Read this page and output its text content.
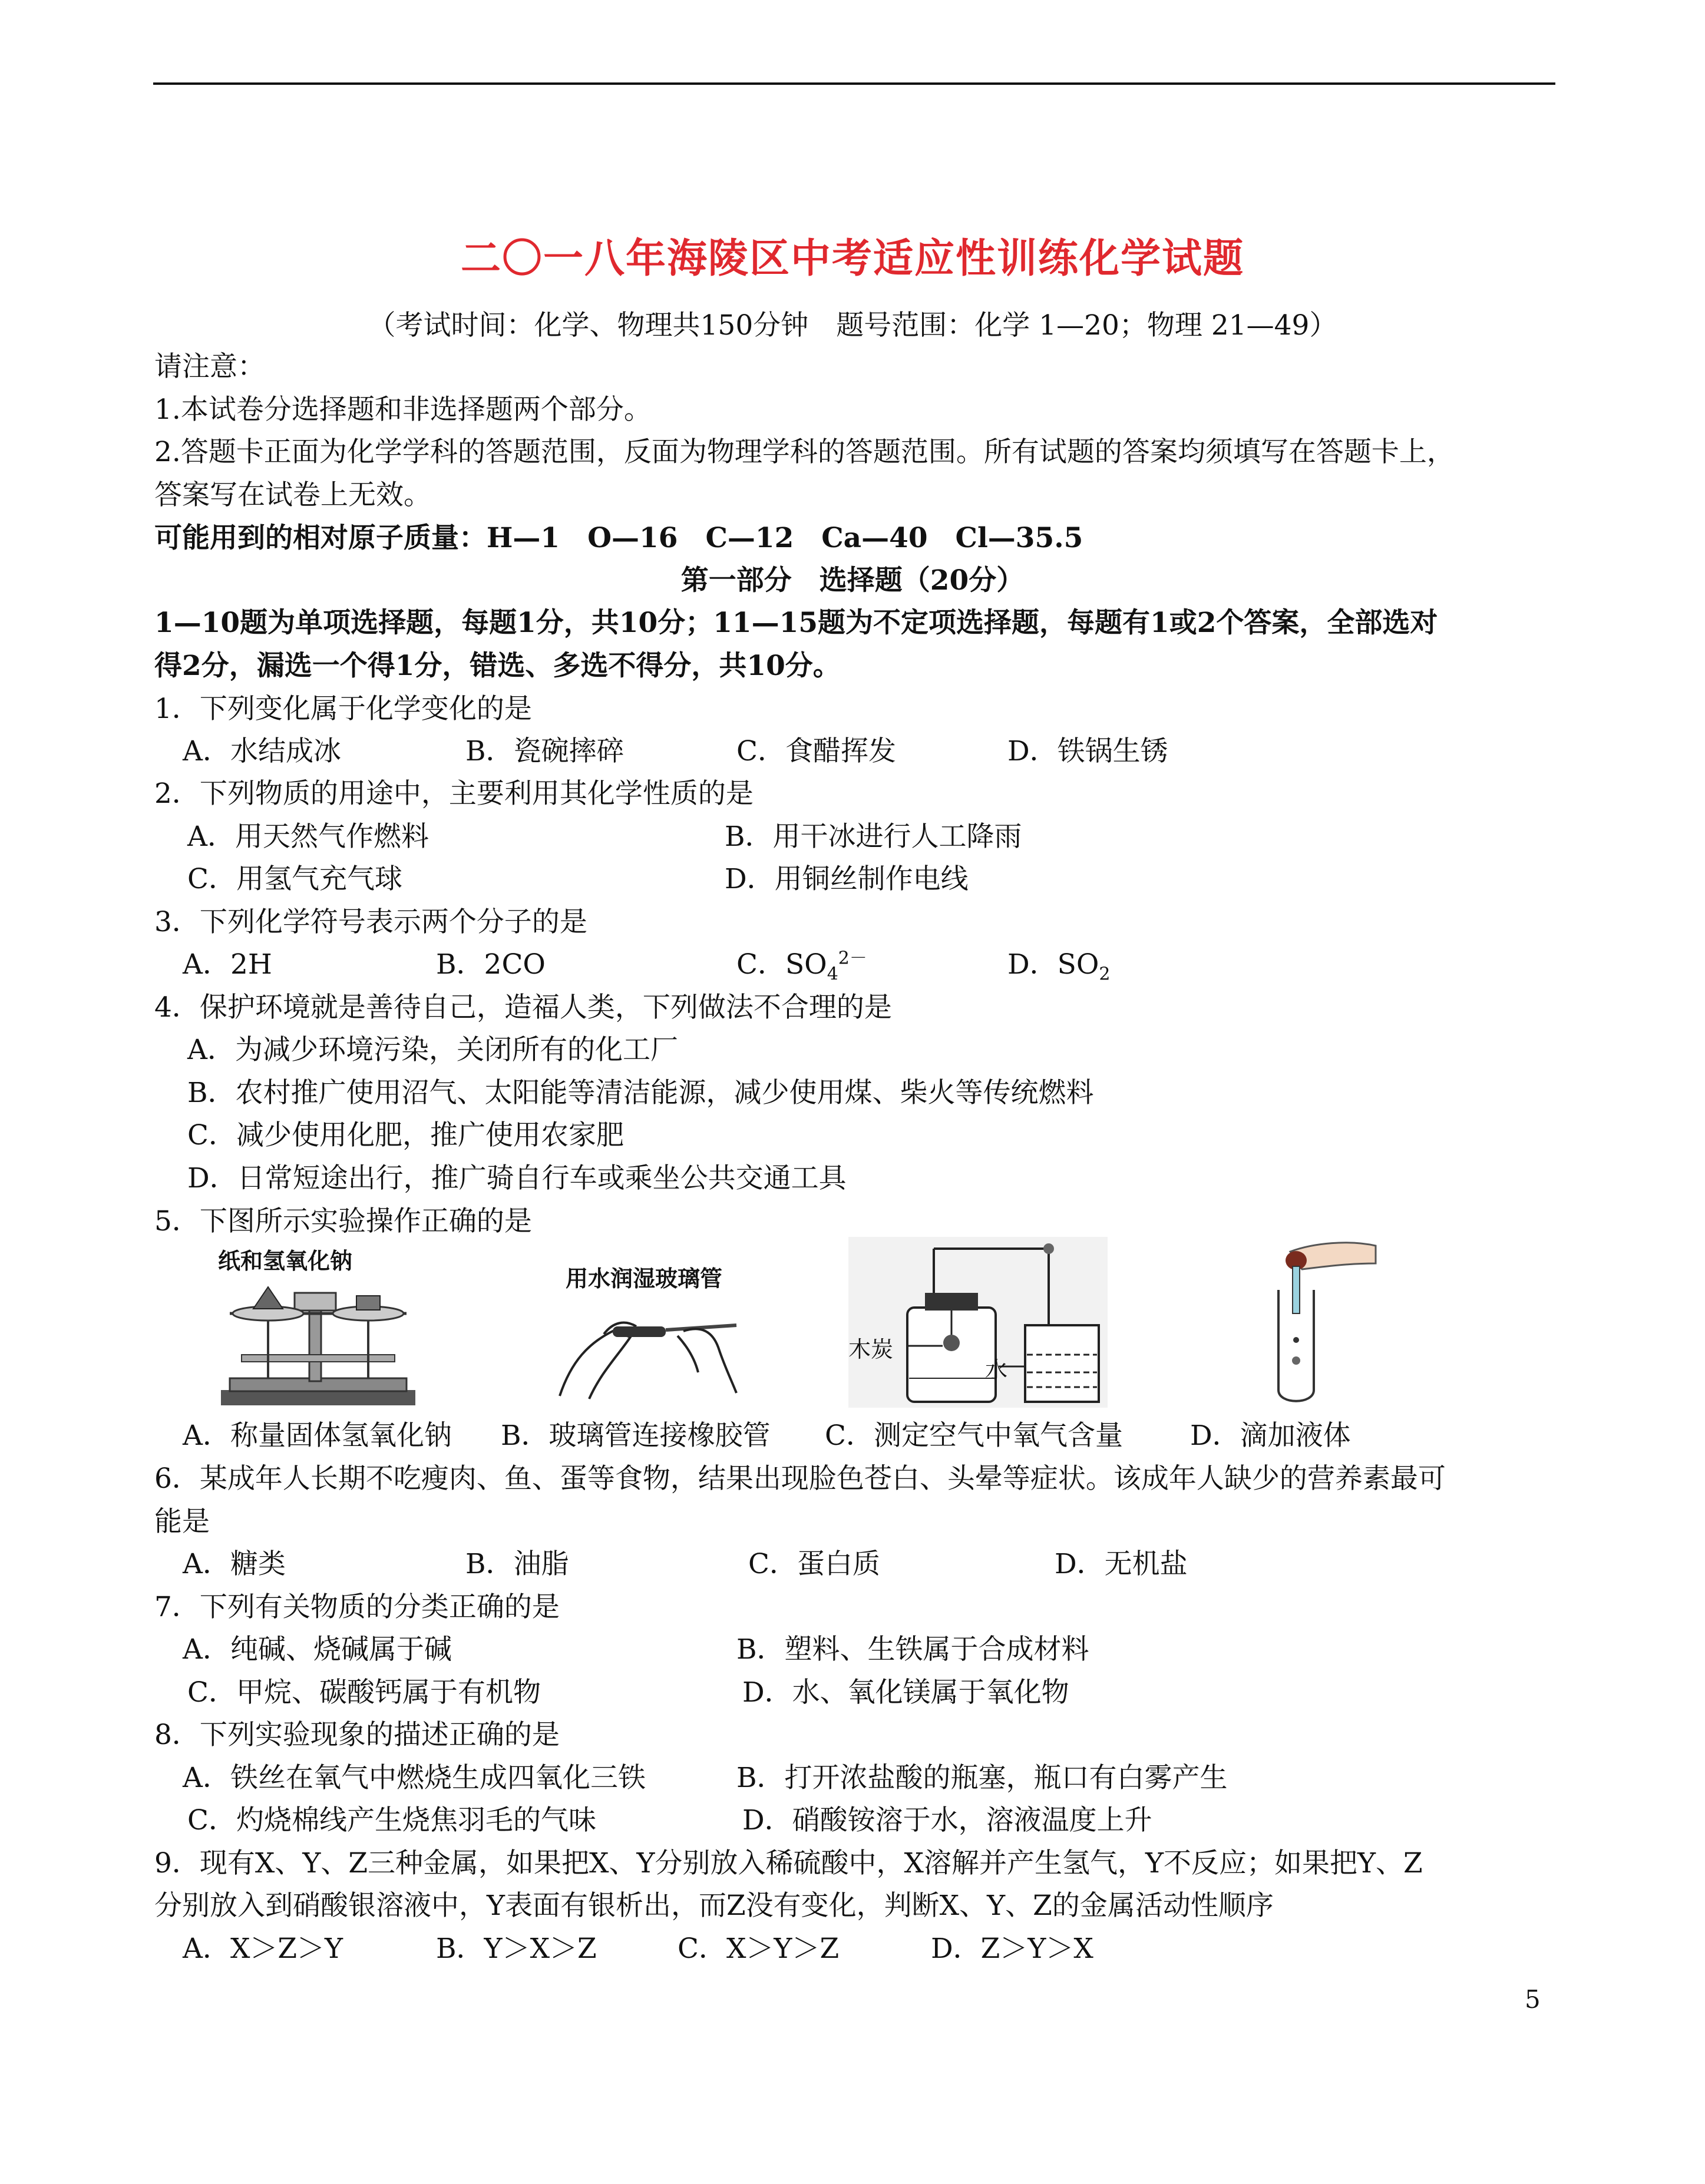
二〇一八年海陵区中考适应性训练化学试题
（考试时间：化学、物理共150分钟　题号范围：化学 1—20；物理 21—49）
请注意：
1.本试卷分选择题和非选择题两个部分。
2.答题卡正面为化学学科的答题范围，反面为物理学科的答题范围。所有试题的答案均须填写在答题卡上，
答案写在试卷上无效。
可能用到的相对原子质量：H—1　O—16　C—12　Ca—40　Cl—35.5
第一部分　选择题（20分）
1—10题为单项选择题，每题1分，共10分；11—15题为不定项选择题，每题有1或2个答案，全部选对
得2分，漏选一个得1分，错选、多选不得分，共10分。
1．下列变化属于化学变化的是
A．水结成冰	B．瓷碗摔碎	C．食醋挥发	D．铁锅生锈
2．下列物质的用途中，主要利用其化学性质的是
A．用天然气作燃料	B．用干冰进行人工降雨
C．用氢气充气球	D．用铜丝制作电线
3．下列化学符号表示两个分子的是
A．2H	B．2CO	C．$SO_4^{2-}$	D．$SO_2$
4．保护环境就是善待自己，造福人类，下列做法不合理的是
A．为减少环境污染，关闭所有的化工厂
B．农村推广使用沼气、太阳能等清洁能源，减少使用煤、柴火等传统燃料
C．减少使用化肥，推广使用农家肥
D．日常短途出行，推广骑自行车或乘坐公共交通工具
5．下图所示实验操作正确的是
纸和氢氧化钠
用水润湿玻璃管
木炭
水
A．称量固体氢氧化钠 B．玻璃管连接橡胶管 C．测定空气中氧气含量 D．滴加液体
6．某成年人长期不吃瘦肉、鱼、蛋等食物，结果出现脸色苍白、头晕等症状。该成年人缺少的营养素最可
能是
A．糖类	B．油脂	C．蛋白质	D．无机盐
7．下列有关物质的分类正确的是
A．纯碱、烧碱属于碱	B．塑料、生铁属于合成材料
C．甲烷、碳酸钙属于有机物	D．水、氧化镁属于氧化物
8．下列实验现象的描述正确的是
A．铁丝在氧气中燃烧生成四氧化三铁	B．打开浓盐酸的瓶塞，瓶口有白雾产生
C．灼烧棉线产生烧焦羽毛的气味	D．硝酸铵溶于水，溶液温度上升
9．现有X、Y、Z三种金属，如果把X、Y分别放入稀硫酸中，X溶解并产生氢气，Y不反应；如果把Y、Z
分别放入到硝酸银溶液中，Y表面有银析出，而Z没有变化，判断X、Y、Z的金属活动性顺序
A．X＞Z＞Y	B．Y＞X＞Z	C．X＞Y＞Z	D．Z＞Y＞X
5
